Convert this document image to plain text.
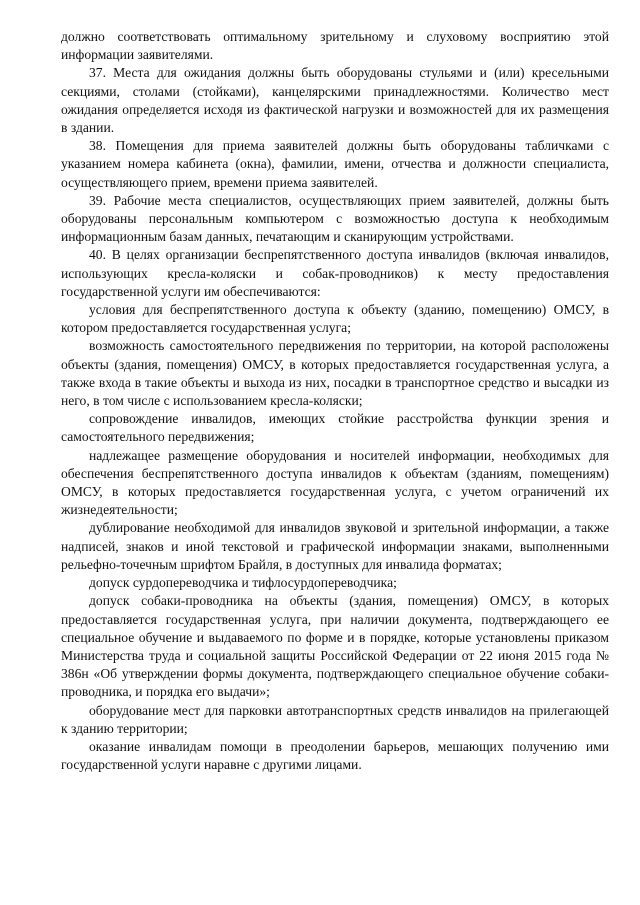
должно соответствовать оптимальному зрительному и слуховому восприятию этой информации заявителями.

37. Места для ожидания должны быть оборудованы стульями и (или) кресельными секциями, столами (стойками), канцелярскими принадлежностями. Количество мест ожидания определяется исходя из фактической нагрузки и возможностей для их размещения в здании.

38. Помещения для приема заявителей должны быть оборудованы табличками с указанием номера кабинета (окна), фамилии, имени, отчества и должности специалиста, осуществляющего прием, времени приема заявителей.

39. Рабочие места специалистов, осуществляющих прием заявителей, должны быть оборудованы персональным компьютером с возможностью доступа к необходимым информационным базам данных, печатающим и сканирующим устройствами.

40. В целях организации беспрепятственного доступа инвалидов (включая инвалидов, использующих кресла-коляски и собак-проводников) к месту предоставления государственной услуги им обеспечиваются:

условия для беспрепятственного доступа к объекту (зданию, помещению) ОМСУ, в котором предоставляется государственная услуга;

возможность самостоятельного передвижения по территории, на которой расположены объекты (здания, помещения) ОМСУ, в которых предоставляется государственная услуга, а также входа в такие объекты и выхода из них, посадки в транспортное средство и высадки из него, в том числе с использованием кресла-коляски;

сопровождение инвалидов, имеющих стойкие расстройства функции зрения и самостоятельного передвижения;

надлежащее размещение оборудования и носителей информации, необходимых для обеспечения беспрепятственного доступа инвалидов к объектам (зданиям, помещениям) ОМСУ, в которых предоставляется государственная услуга, с учетом ограничений их жизнедеятельности;

дублирование необходимой для инвалидов звуковой и зрительной информации, а также надписей, знаков и иной текстовой и графической информации знаками, выполненными рельефно-точечным шрифтом Брайля, в доступных для инвалида форматах;

допуск сурдопереводчика и тифлосурдопереводчика;

допуск собаки-проводника на объекты (здания, помещения) ОМСУ, в которых предоставляется государственная услуга, при наличии документа, подтверждающего ее специальное обучение и выдаваемого по форме и в порядке, которые установлены приказом Министерства труда и социальной защиты Российской Федерации от 22 июня 2015 года № 386н «Об утверждении формы документа, подтверждающего специальное обучение собаки-проводника, и порядка его выдачи»;

оборудование мест для парковки автотранспортных средств инвалидов на прилегающей к зданию территории;

оказание инвалидам помощи в преодолении барьеров, мешающих получению ими государственной услуги наравне с другими лицами.
